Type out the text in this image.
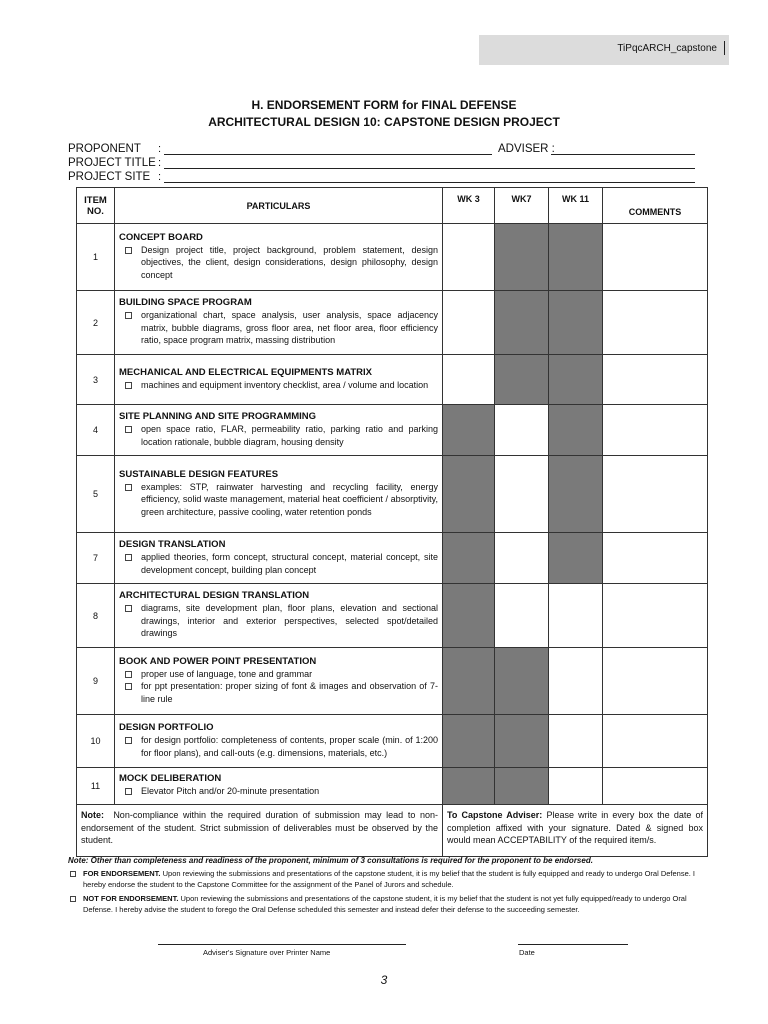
TiPqcARCH_capstone
H. ENDORSEMENT FORM for FINAL DEFENSE
ARCHITECTURAL DESIGN 10: CAPSTONE DESIGN PROJECT
PROPONENT :	ADVISER :
PROJECT TITLE :
PROJECT SITE :
ITEM NO.	PARTICULARS	WK 3	WK7	WK 11	COMMENTS
1	CONCEPT BOARD
Design project title, project background, problem statement, design objectives, the client, design considerations, design philosophy, design concept				

2	BUILDING SPACE PROGRAM
organizational chart, space analysis, user analysis, space adjacency matrix, bubble diagrams, gross floor area, net floor area, floor efficiency ratio, space program matrix, massing distribution				

3	MECHANICAL AND ELECTRICAL EQUIPMENTS MATRIX
machines and equipment inventory checklist, area / volume and location				

4	SITE PLANNING AND SITE PROGRAMMING
open space ratio, FLAR, permeability ratio, parking ratio and parking location rationale, bubble diagram, housing density				

5	SUSTAINABLE DESIGN FEATURES
examples: STP, rainwater harvesting and recycling facility, energy efficiency, solid waste management, material heat coefficient / absorptivity, green architecture, passive cooling, water retention ponds				

7	DESIGN TRANSLATION
applied theories, form concept, structural concept, material concept, site development concept, building plan concept				

8	ARCHITECTURAL DESIGN TRANSLATION
diagrams, site development plan, floor plans, elevation and sectional drawings, interior and exterior perspectives, selected spot/detailed drawings				

9	BOOK AND POWER POINT PRESENTATION
proper use of language, tone and grammar
for ppt presentation: proper sizing of font & images and observation of 7-line rule				

10	DESIGN PORTFOLIO
for design portfolio: completeness of contents, proper scale (min. of 1:200 for floor plans), and call-outs (e.g. dimensions, materials, etc.)				

11	MOCK DELIBERATION
Elevator Pitch and/or 20-minute presentation				

Note: Non-compliance within the required duration of submission may lead to non-endorsement of the student. Strict submission of deliverables must be observed by the student.		To Capstone Adviser: Please write in every box the date of completion affixed with your signature. Dated & signed box would mean ACCEPTABILITY of the required item/s.			
Note: Other than completeness and readiness of the proponent, minimum of 3 consultations is required for the proponent to be endorsed.
FOR ENDORSEMENT. Upon reviewing the submissions and presentations of the capstone student, it is my belief that the student is fully equipped and ready to undergo Oral Defense. I hereby endorse the student to the Capstone Committee for the assignment of the Panel of Jurors and schedule.
NOT FOR ENDORSEMENT. Upon reviewing the submissions and presentations of the capstone student, it is my belief that the student is not yet fully equipped/ready to undergo Oral Defense. I hereby advise the student to forego the Oral Defense scheduled this semester and instead defer their defense to the succeeding semester.
Adviser's Signature over Printer Name	Date
3
